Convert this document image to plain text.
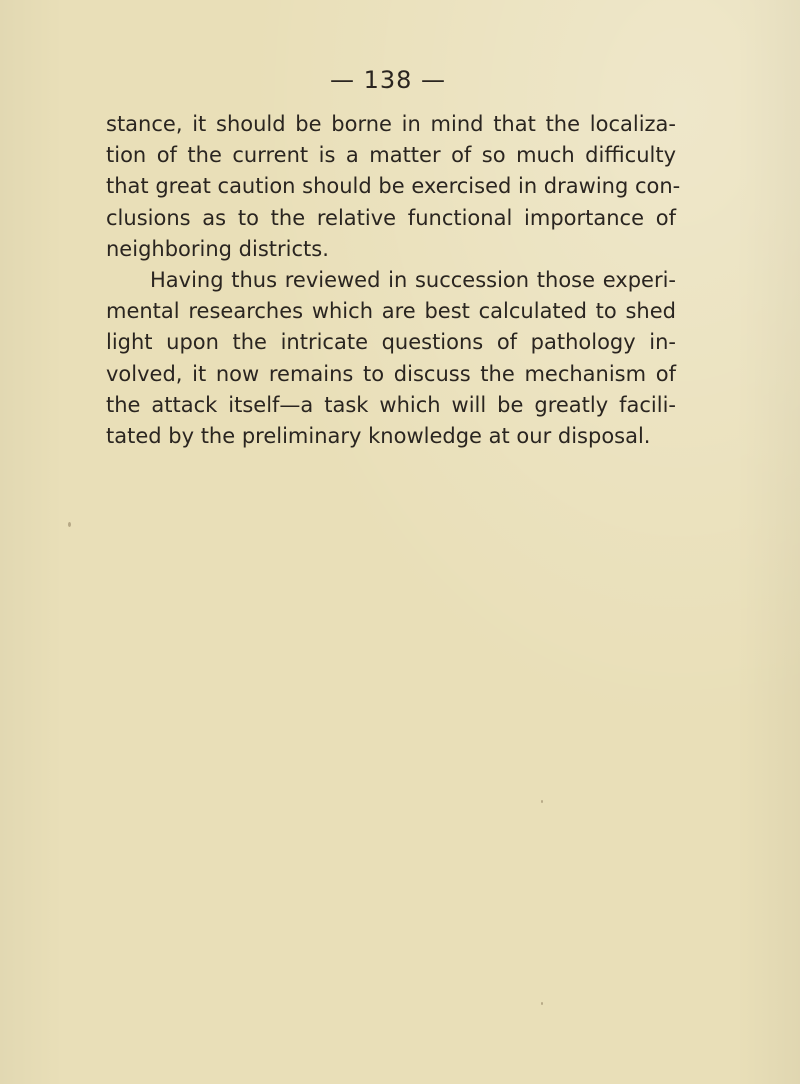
— 138 —
stance, it should be borne in mind that the localiza-
tion of the current is a matter of so much difficulty
that great caution should be exercised in drawing con-
clusions as to the relative functional importance of
neighboring districts.
Having thus reviewed in succession those experi-
mental researches which are best calculated to shed
light upon the intricate questions of pathology in-
volved, it now remains to discuss the mechanism of
the attack itself—a task which will be greatly facili-
tated by the preliminary knowledge at our disposal.
